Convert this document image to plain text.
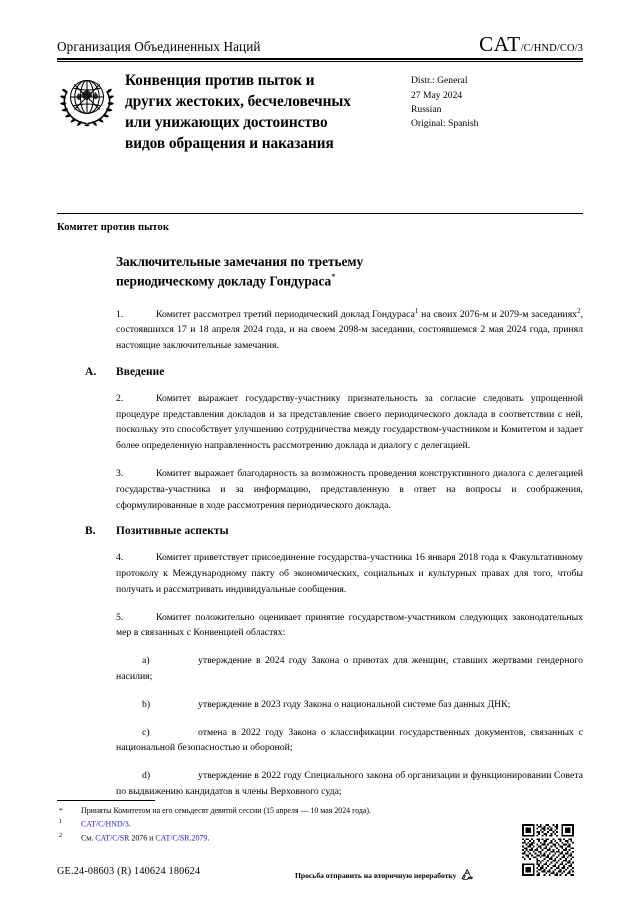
Организация Объединенных Наций	CAT/C/HND/CO/3
Конвенция против пыток и
других жестоких, бесчеловечных
или унижающих достоинство
видов обращения и наказания
Distr.: General
27 May 2024
Russian
Original: Spanish
Комитет против пыток
Заключительные замечания по третьему
периодическому докладу Гондураса*

1.	Комитет рассмотрел третий периодический доклад Гондураса$^1$ на своих 2076-м и 2079-м заседаниях$^2$, состоявшихся 17 и 18 апреля 2024 года, и на своем 2098-м заседании, состоявшемся 2 мая 2024 года, принял настоящие заключительные замечания.

A. Введение

2.	Комитет выражает государству-участнику признательность за согласие следовать упрощенной процедуре представления докладов и за представление своего периодического доклада в соответствии с ней, поскольку это способствует улучшению сотрудничества между государством-участником и Комитетом и задает более определенную направленность рассмотрению доклада и диалогу с делегацией.

3.	Комитет выражает благодарность за возможность проведения конструктивного диалога с делегацией государства-участника и за информацию, представленную в ответ на вопросы и соображения, сформулированные в ходе рассмотрения периодического доклада.

B. Позитивные аспекты

4.	Комитет приветствует присоединение государства-участника 16 января 2018 года к Факультативному протоколу к Международному пакту об экономических, социальных и культурных правах для того, чтобы получать и рассматривать индивидуальные сообщения.

5.	Комитет положительно оценивает принятие государством-участником следующих законодательных мер в связанных с Конвенцией областях:

a)	утверждение в 2024 году Закона о приютах для женщин, ставших жертвами гендерного насилия;

b)	утверждение в 2023 году Закона о национальной системе баз данных ДНК;

c)	отмена в 2022 году Закона о классификации государственных документов, связанных с национальной безопасностью и обороной;

d)	утверждение в 2022 году Специального закона об организации и функционировании Совета по выдвижению кандидатов в члены Верховного суда;

* Приняты Комитетом на его семьдесят девятой сессии (15 апреля — 10 мая 2024 года).

1 CAT/C/HND/3.

2 См. CAT/C/SR 2076 и CAT/C/SR.2079.

GE.24-08603 (R) 140624 180624	Просьба отправить на вторичную переработку
